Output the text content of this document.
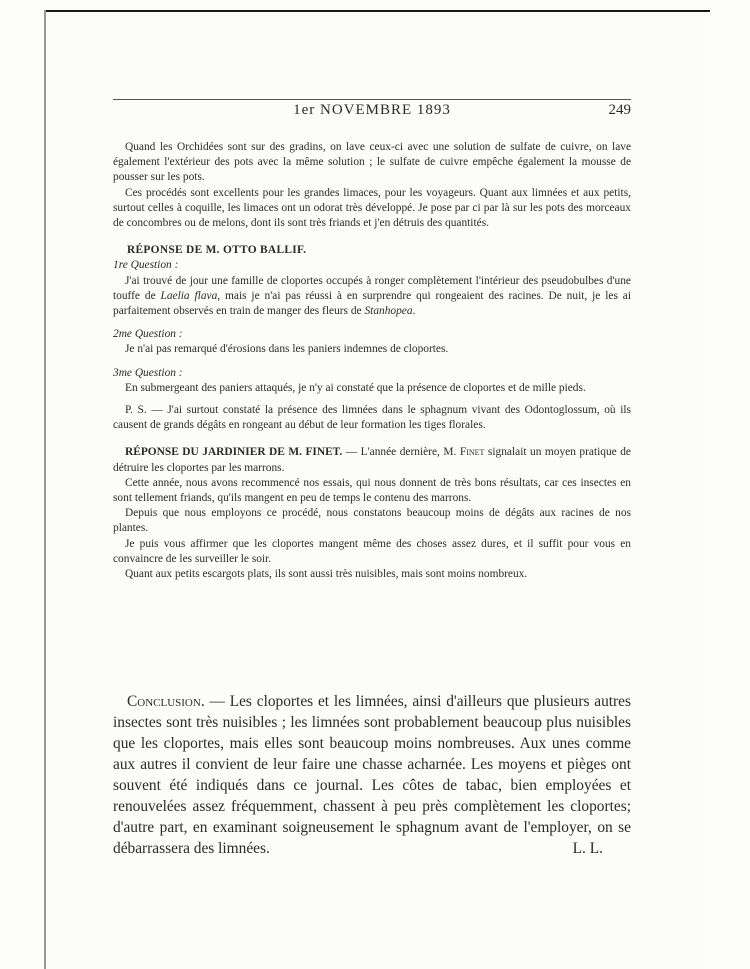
1er NOVEMBRE 1893	249

Quand les Orchidées sont sur des gradins, on lave ceux-ci avec une solution de sulfate de cuivre, on lave également l'extérieur des pots avec la même solution ; le sulfate de cuivre empêche également la mousse de pousser sur les pots.

Ces procédés sont excellents pour les grandes limaces, pour les voyageurs. Quant aux limnées et aux petits, surtout celles à coquille, les limaces ont un odorat très développé. Je pose par ci par là sur les pots des morceaux de concombres ou de melons, dont ils sont très friands et j'en détruis des quantités.

RÉPONSE DE M. OTTO BALLIF.

1re Question :

J'ai trouvé de jour une famille de cloportes occupés à ronger complètement l'intérieur des pseudobulbes d'une touffe de Laelia flava, mais je n'ai pas réussi à en surprendre qui rongeaient des racines. De nuit, je les ai parfaitement observés en train de manger des fleurs de Stanhopea.

2me Question :

Je n'ai pas remarqué d'érosions dans les paniers indemnes de cloportes.

3me Question :

En submergeant des paniers attaqués, je n'y ai constaté que la présence de cloportes et de mille pieds.

P. S. — J'ai surtout constaté la présence des limnées dans le sphagnum vivant des Odontoglossum, où ils causent de grands dégâts en rongeant au début de leur formation les tiges florales.

RÉPONSE DU JARDINIER DE M. FINET. — L'année dernière, M. Finet signalait un moyen pratique de détruire les cloportes par les marrons.

Cette année, nous avons recommencé nos essais, qui nous donnent de très bons résultats, car ces insectes en sont tellement friands, qu'ils mangent en peu de temps le contenu des marrons.

Depuis que nous employons ce procédé, nous constatons beaucoup moins de dégâts aux racines de nos plantes.

Je puis vous affirmer que les cloportes mangent même des choses assez dures, et il suffit pour vous en convaincre de les surveiller le soir.

Quant aux petits escargots plats, ils sont aussi très nuisibles, mais sont moins nombreux.

Conclusion. — Les cloportes et les limnées, ainsi d'ailleurs que plusieurs autres insectes sont très nuisibles ; les limnées sont probablement beaucoup plus nuisibles que les cloportes, mais elles sont beaucoup moins nombreuses. Aux unes comme aux autres il convient de leur faire une chasse acharnée. Les moyens et pièges ont souvent été indiqués dans ce journal. Les côtes de tabac, bien employées et renouvelées assez fréquemment, chassent à peu près complètement les cloportes; d'autre part, en examinant soigneusement le sphagnum avant de l'employer, on se débarrassera des limnées.	L. L.
